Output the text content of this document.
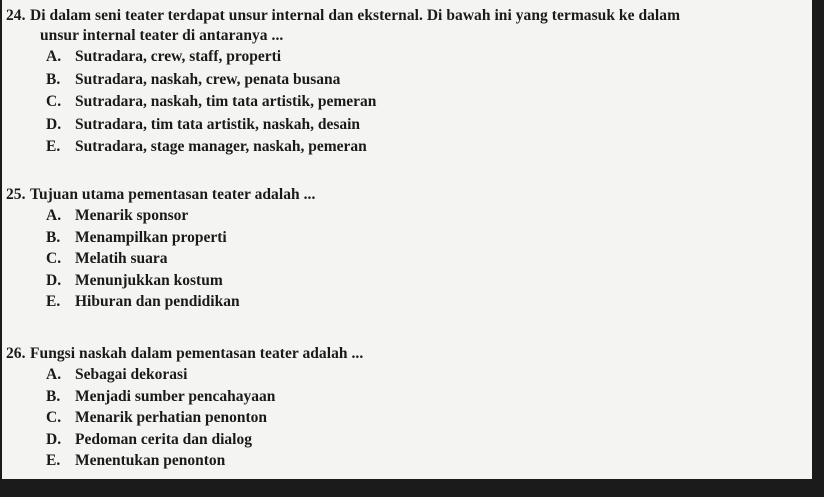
24. Di dalam seni teater terdapat unsur internal dan eksternal. Di bawah ini yang termasuk ke dalam
unsur internal teater di antaranya ...
A. Sutradara, crew, staff, properti
B. Sutradara, naskah, crew, penata busana
C. Sutradara, naskah, tim tata artistik, pemeran
D. Sutradara, tim tata artistik, naskah, desain
E. Sutradara, stage manager, naskah, pemeran
25. Tujuan utama pementasan teater adalah ...
A. Menarik sponsor
B. Menampilkan properti
C. Melatih suara
D. Menunjukkan kostum
E. Hiburan dan pendidikan
26. Fungsi naskah dalam pementasan teater adalah ...
A. Sebagai dekorasi
B. Menjadi sumber pencahayaan
C. Menarik perhatian penonton
D. Pedoman cerita dan dialog
E. Menentukan penonton
